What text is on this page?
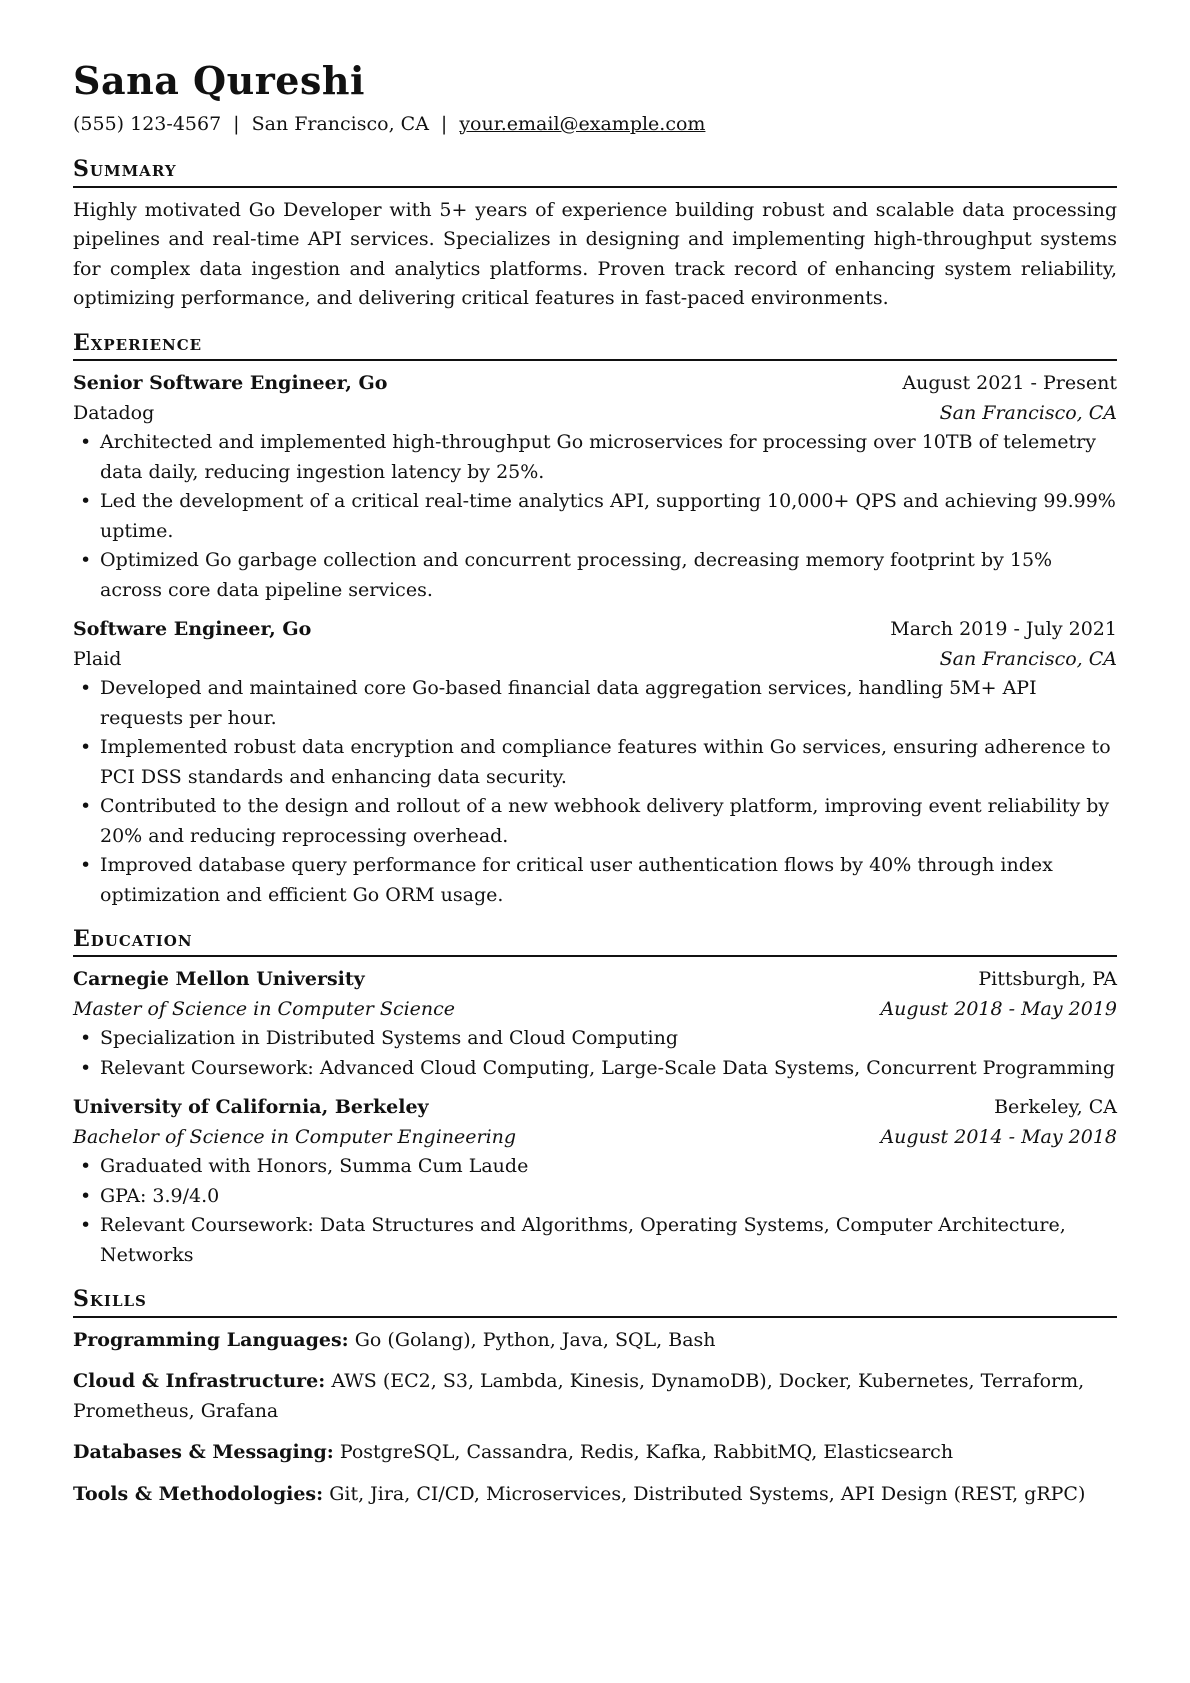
Sana Qureshi
(555) 123-4567 | San Francisco, CA | your.email@example.com
Summary

Highly motivated Go Developer with 5+ years of experience building robust and scalable data processing pipelines and real-time API services. Specializes in designing and implementing high-throughput systems for complex data ingestion and analytics platforms. Proven track record of enhancing system reliability, optimizing performance, and delivering critical features in fast-paced environments.

Experience
Senior Software Engineer, Go	August 2021 - Present
Datadog	San Francisco, CA
• Architected and implemented high-throughput Go microservices for processing over 10TB of telemetry data daily, reducing ingestion latency by 25%.
• Led the development of a critical real-time analytics API, supporting 10,000+ QPS and achieving 99.99% uptime.
• Optimized Go garbage collection and concurrent processing, decreasing memory footprint by 15% across core data pipeline services.
Software Engineer, Go	March 2019 - July 2021
Plaid	San Francisco, CA
• Developed and maintained core Go-based financial data aggregation services, handling 5M+ API requests per hour.
• Implemented robust data encryption and compliance features within Go services, ensuring adherence to PCI DSS standards and enhancing data security.
• Contributed to the design and rollout of a new webhook delivery platform, improving event reliability by 20% and reducing reprocessing overhead.
• Improved database query performance for critical user authentication flows by 40% through index optimization and efficient Go ORM usage.
Education
Carnegie Mellon University	Pittsburgh, PA
Master of Science in Computer Science	August 2018 - May 2019
• Specialization in Distributed Systems and Cloud Computing
• Relevant Coursework: Advanced Cloud Computing, Large-Scale Data Systems, Concurrent Programming
University of California, Berkeley	Berkeley, CA
Bachelor of Science in Computer Engineering	August 2014 - May 2018
• Graduated with Honors, Summa Cum Laude
• GPA: 3.9/4.0
• Relevant Coursework: Data Structures and Algorithms, Operating Systems, Computer Architecture, Networks
Skills
Programming Languages: Go (Golang), Python, Java, SQL, Bash
Cloud & Infrastructure: AWS (EC2, S3, Lambda, Kinesis, DynamoDB), Docker, Kubernetes, Terraform, Prometheus, Grafana
Databases & Messaging: PostgreSQL, Cassandra, Redis, Kafka, RabbitMQ, Elasticsearch
Tools & Methodologies: Git, Jira, CI/CD, Microservices, Distributed Systems, API Design (REST, gRPC)
